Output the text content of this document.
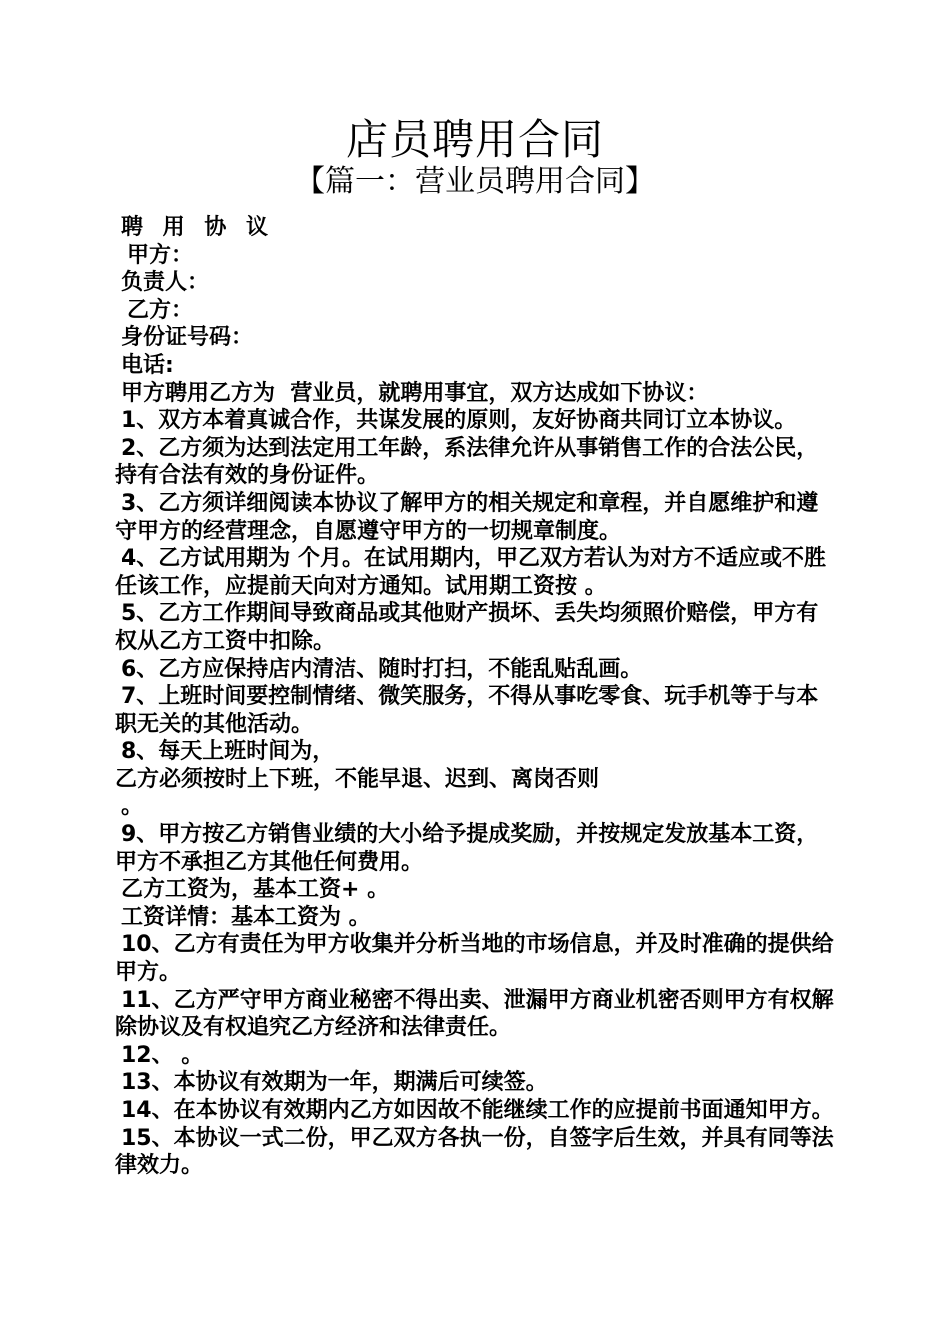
店员聘用合同
【篇一：营业员聘用合同】
聘 用 协 议
甲方：
负责人：
乙方：
身份证号码：
电话:
甲方聘用乙方为  营业员，就聘用事宜，双方达成如下协议：
1、双方本着真诚合作，共谋发展的原则，友好协商共同订立本协议。
2、乙方须为达到法定用工年龄，系法律允许从事销售工作的合法公民，持有合法有效的身份证件。
3、乙方须详细阅读本协议了解甲方的相关规定和章程，并自愿维护和遵守甲方的经营理念，自愿遵守甲方的一切规章制度。
4、乙方试用期为 个月。在试用期内，甲乙双方若认为对方不适应或不胜任该工作，应提前天向对方通知。试用期工资按 。
5、乙方工作期间导致商品或其他财产损坏、丢失均须照价赔偿，甲方有权从乙方工资中扣除。
6、乙方应保持店内清洁、随时打扫，不能乱贴乱画。
7、上班时间要控制情绪、微笑服务，不得从事吃零食、玩手机等于与本职无关的其他活动。
8、每天上班时间为，
乙方必须按时上下班，不能早退、迟到、离岗否则
。
9、甲方按乙方销售业绩的大小给予提成奖励，并按规定发放基本工资，甲方不承担乙方其他任何费用。
乙方工资为，基本工资+ 。
工资详情：基本工资为 。
10、乙方有责任为甲方收集并分析当地的市场信息，并及时准确的提供给甲方。
11、乙方严守甲方商业秘密不得出卖、泄漏甲方商业机密否则甲方有权解除协议及有权追究乙方经济和法律责任。
12、 。
13、本协议有效期为一年，期满后可续签。
14、在本协议有效期内乙方如因故不能继续工作的应提前书面通知甲方。
15、本协议一式二份，甲乙双方各执一份，自签字后生效，并具有同等法律效力。
